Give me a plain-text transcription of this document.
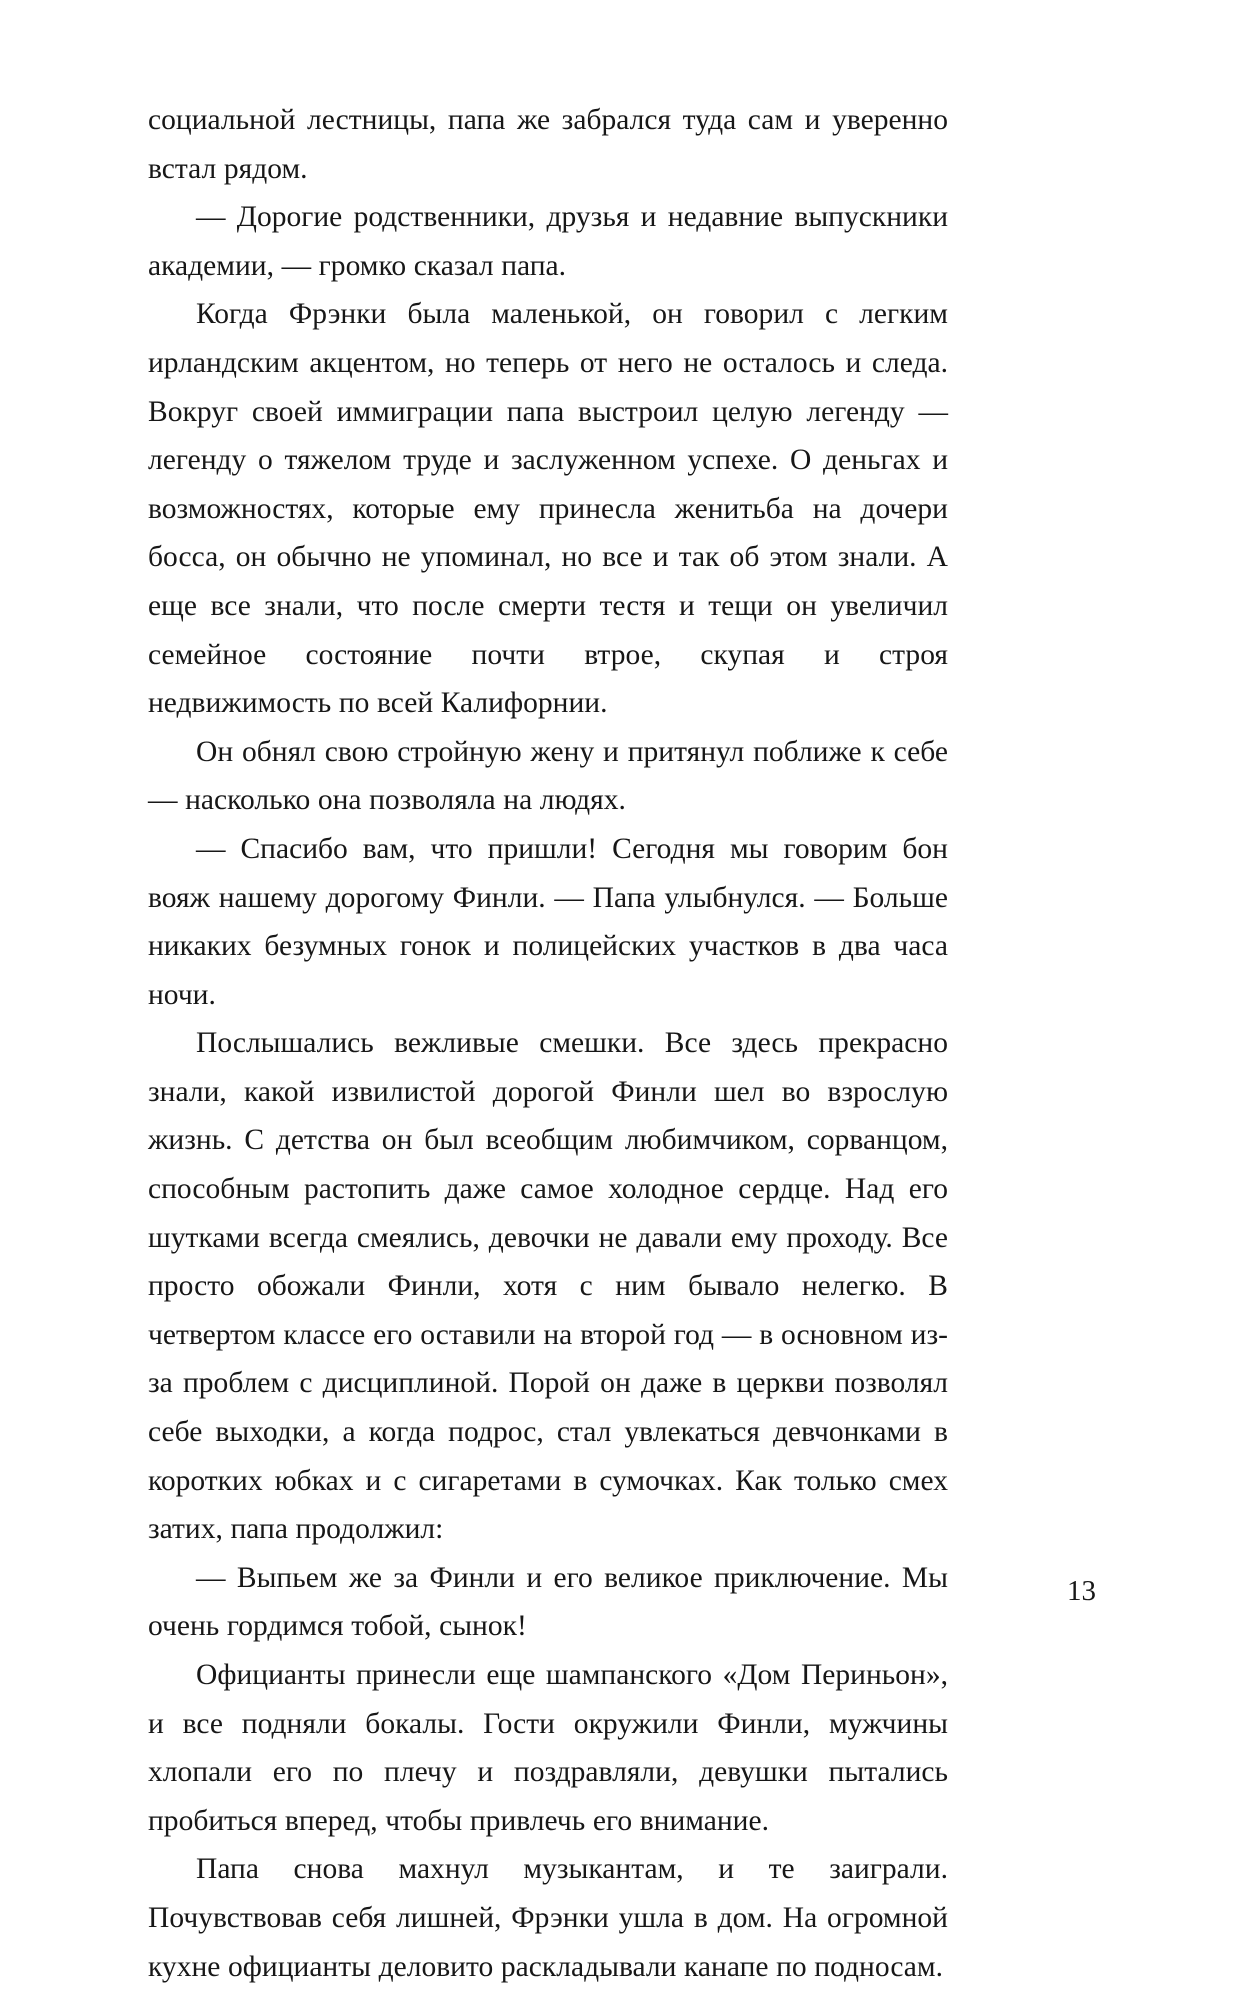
социальной лестницы, папа же забрался туда сам и уверенно встал рядом.

— Дорогие родственники, друзья и недавние выпускники академии, — громко сказал папа.

Когда Фрэнки была маленькой, он говорил с легким ирландским акцентом, но теперь от него не осталось и следа. Вокруг своей иммиграции папа выстроил целую легенду — легенду о тяжелом труде и заслуженном успехе. О деньгах и возможностях, которые ему принесла женитьба на дочери босса, он обычно не упоминал, но все и так об этом знали. А еще все знали, что после смерти тестя и тещи он увеличил семейное состояние почти втрое, скупая и строя недвижимость по всей Калифорнии.

Он обнял свою стройную жену и притянул поближе к себе — насколько она позволяла на людях.

— Спасибо вам, что пришли! Сегодня мы говорим бон вояж нашему дорогому Финли. — Папа улыбнулся. — Больше никаких безумных гонок и полицейских участков в два часа ночи.

Послышались вежливые смешки. Все здесь прекрасно знали, какой извилистой дорогой Финли шел во взрослую жизнь. С детства он был всеобщим любимчиком, сорванцом, способным растопить даже самое холодное сердце. Над его шутками всегда смеялись, девочки не давали ему проходу. Все просто обожали Финли, хотя с ним бывало нелегко. В четвертом классе его оставили на второй год — в основном из-за проблем с дисциплиной. Порой он даже в церкви позволял себе выходки, а когда подрос, стал увлекаться девчонками в коротких юбках и с сигаретами в сумочках. Как только смех затих, папа продолжил:

— Выпьем же за Финли и его великое приключение. Мы очень гордимся тобой, сынок!

Официанты принесли еще шампанского «Дом Периньон», и все подняли бокалы. Гости окружили Финли, мужчины хлопали его по плечу и поздравляли, девушки пытались пробиться вперед, чтобы привлечь его внимание.

Папа снова махнул музыкантам, и те заиграли. Почувствовав себя лишней, Фрэнки ушла в дом. На огромной кухне официанты деловито раскладывали канапе по подносам.

13
